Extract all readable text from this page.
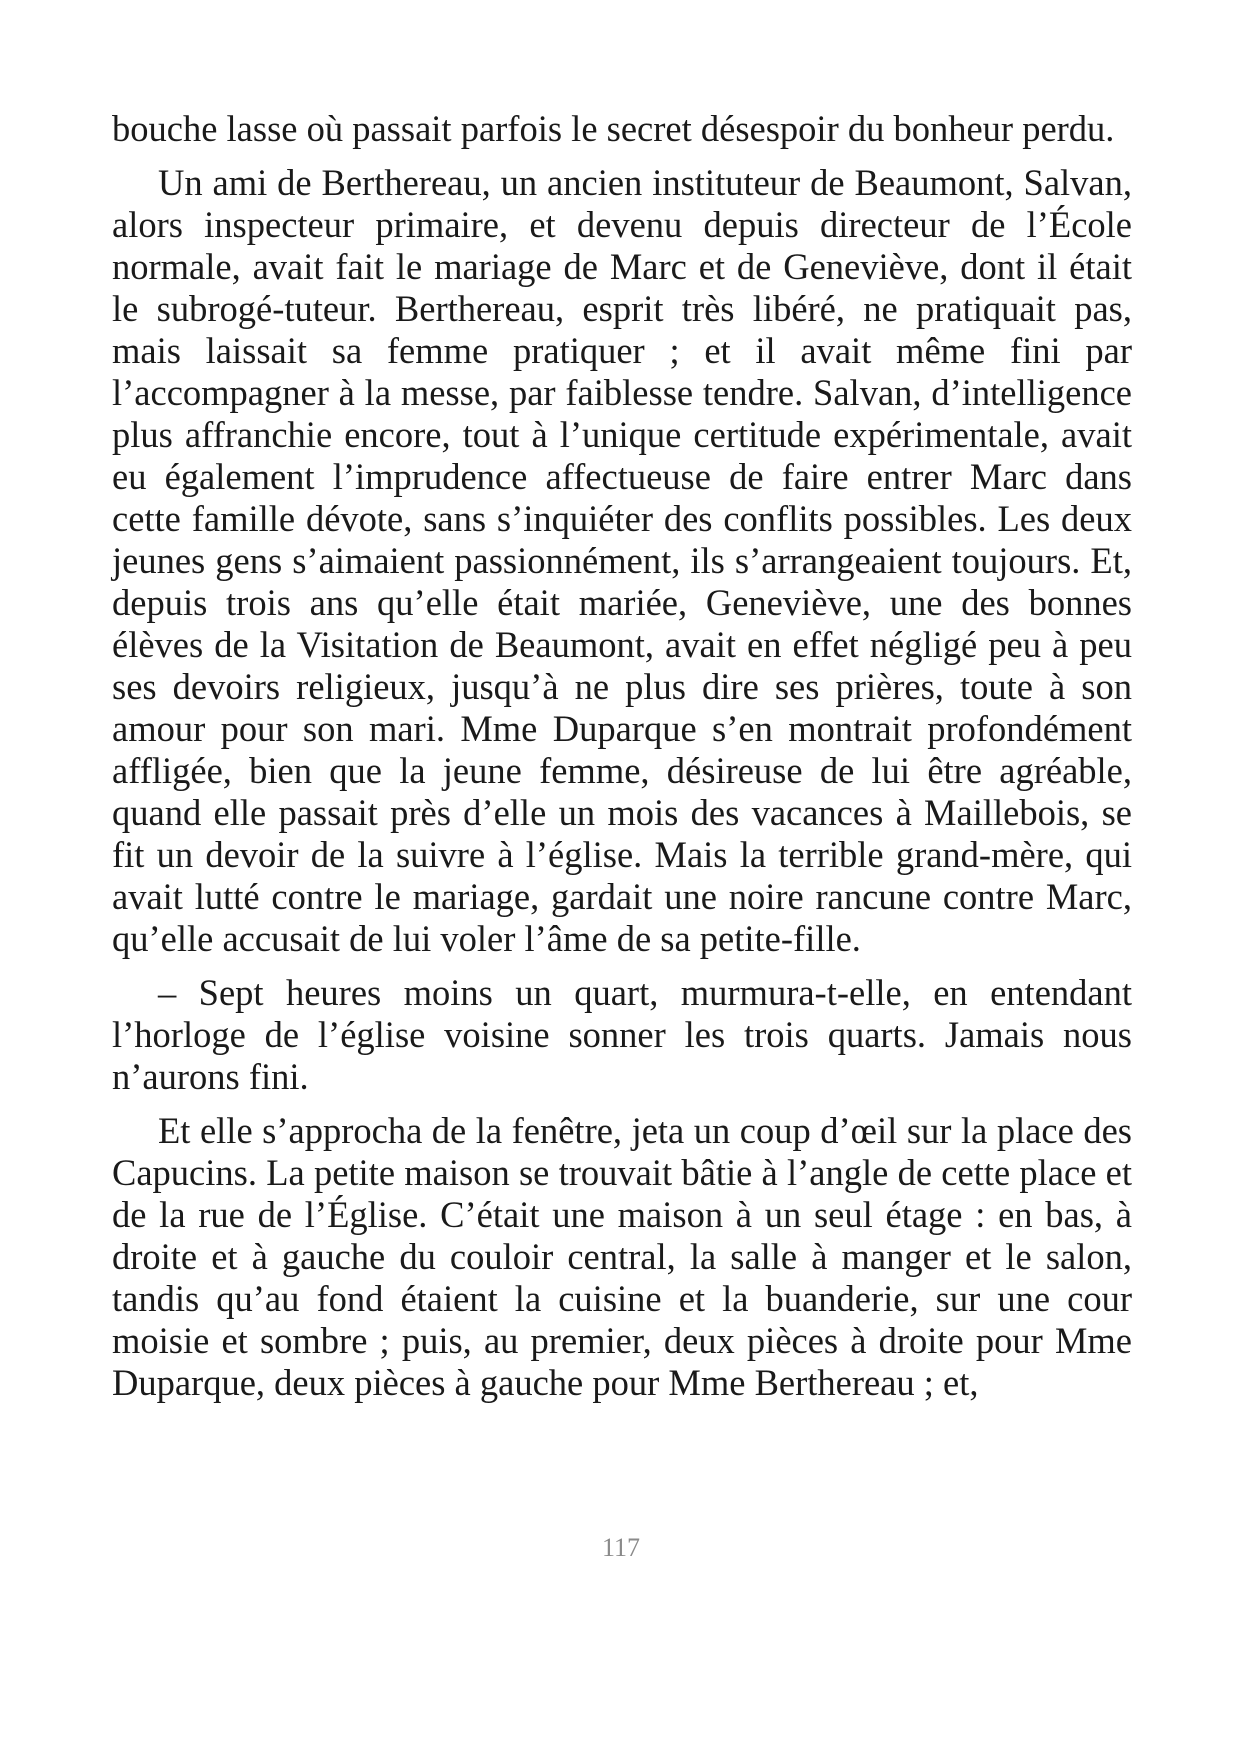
bouche lasse où passait parfois le secret désespoir du bonheur perdu.

Un ami de Berthereau, un ancien instituteur de Beaumont, Salvan, alors inspecteur primaire, et devenu depuis directeur de l’École normale, avait fait le mariage de Marc et de Geneviève, dont il était le subrogé-tuteur. Berthereau, esprit très libéré, ne pratiquait pas, mais laissait sa femme pratiquer ; et il avait même fini par l’accompagner à la messe, par faiblesse tendre. Salvan, d’intelligence plus affranchie encore, tout à l’unique certitude expérimentale, avait eu également l’imprudence affectueuse de faire entrer Marc dans cette famille dévote, sans s’inquiéter des conflits possibles. Les deux jeunes gens s’aimaient passionnément, ils s’arrangeaient toujours. Et, depuis trois ans qu’elle était mariée, Geneviève, une des bonnes élèves de la Visitation de Beaumont, avait en effet négligé peu à peu ses devoirs religieux, jusqu’à ne plus dire ses prières, toute à son amour pour son mari. Mme Duparque s’en montrait profondément affligée, bien que la jeune femme, désireuse de lui être agréable, quand elle passait près d’elle un mois des vacances à Maillebois, se fit un devoir de la suivre à l’église. Mais la terrible grand-mère, qui avait lutté contre le mariage, gardait une noire rancune contre Marc, qu’elle accusait de lui voler l’âme de sa petite-fille.

– Sept heures moins un quart, murmura-t-elle, en entendant l’horloge de l’église voisine sonner les trois quarts. Jamais nous n’aurons fini.

Et elle s’approcha de la fenêtre, jeta un coup d’œil sur la place des Capucins. La petite maison se trouvait bâtie à l’angle de cette place et de la rue de l’Église. C’était une maison à un seul étage : en bas, à droite et à gauche du couloir central, la salle à manger et le salon, tandis qu’au fond étaient la cuisine et la buanderie, sur une cour moisie et sombre ; puis, au premier, deux pièces à droite pour Mme Duparque, deux pièces à gauche pour Mme Berthereau ; et,

117
